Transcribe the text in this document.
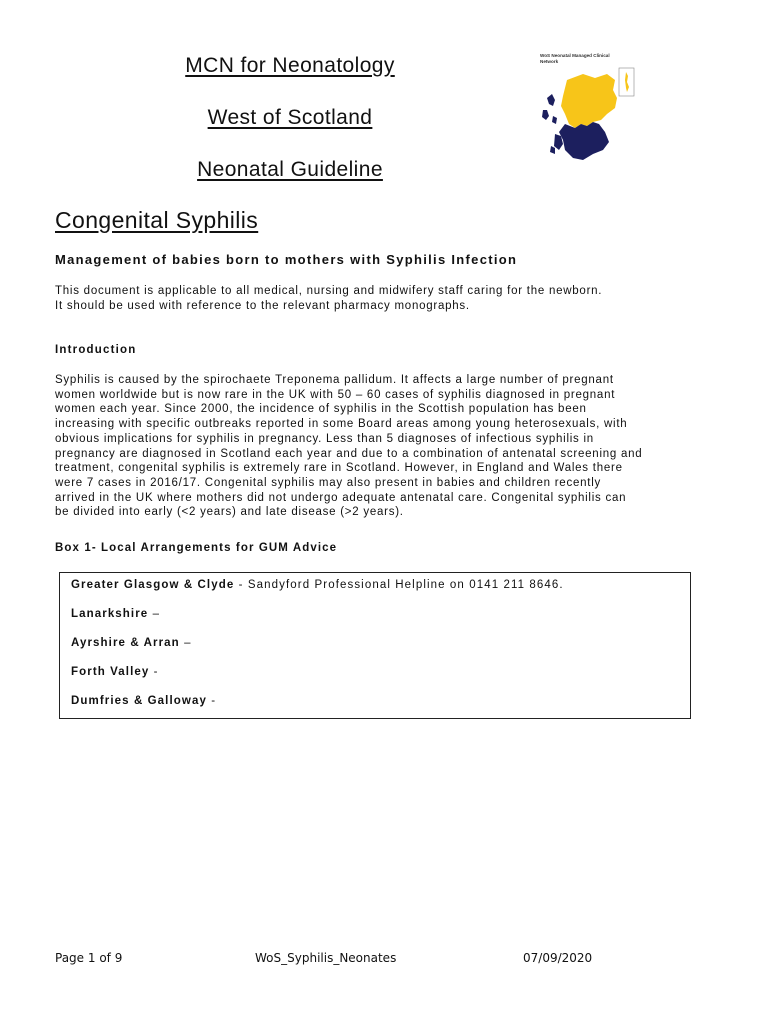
MCN for Neonatology
West of Scotland
Neonatal Guideline
WoS Neonatal Managed Clinical Network
Congenital Syphilis
Management of babies born to mothers with Syphilis Infection
This document is applicable to all medical, nursing and midwifery staff caring for the newborn.
It should be used with reference to the relevant pharmacy monographs.
Introduction
Syphilis is caused by the spirochaete Treponema pallidum. It affects a large number of pregnant
women worldwide but is now rare in the UK with 50 – 60 cases of syphilis diagnosed in pregnant
women each year. Since 2000, the incidence of syphilis in the Scottish population has been
increasing with specific outbreaks reported in some Board areas among young heterosexuals, with
obvious implications for syphilis in pregnancy. Less than 5 diagnoses of infectious syphilis in
pregnancy are diagnosed in Scotland each year and due to a combination of antenatal screening and
treatment, congenital syphilis is extremely rare in Scotland. However, in England and Wales there
were 7 cases in 2016/17. Congenital syphilis may also present in babies and children recently
arrived in the UK where mothers did not undergo adequate antenatal care. Congenital syphilis can
be divided into early (<2 years) and late disease (>2 years).
Box 1- Local Arrangements for GUM Advice
Greater Glasgow & Clyde - Sandyford Professional Helpline on 0141 211 8646.
Lanarkshire –
Ayrshire & Arran –
Forth Valley -
Dumfries & Galloway -
Page 1 of 9	WoS_Syphilis_Neonates	07/09/2020
